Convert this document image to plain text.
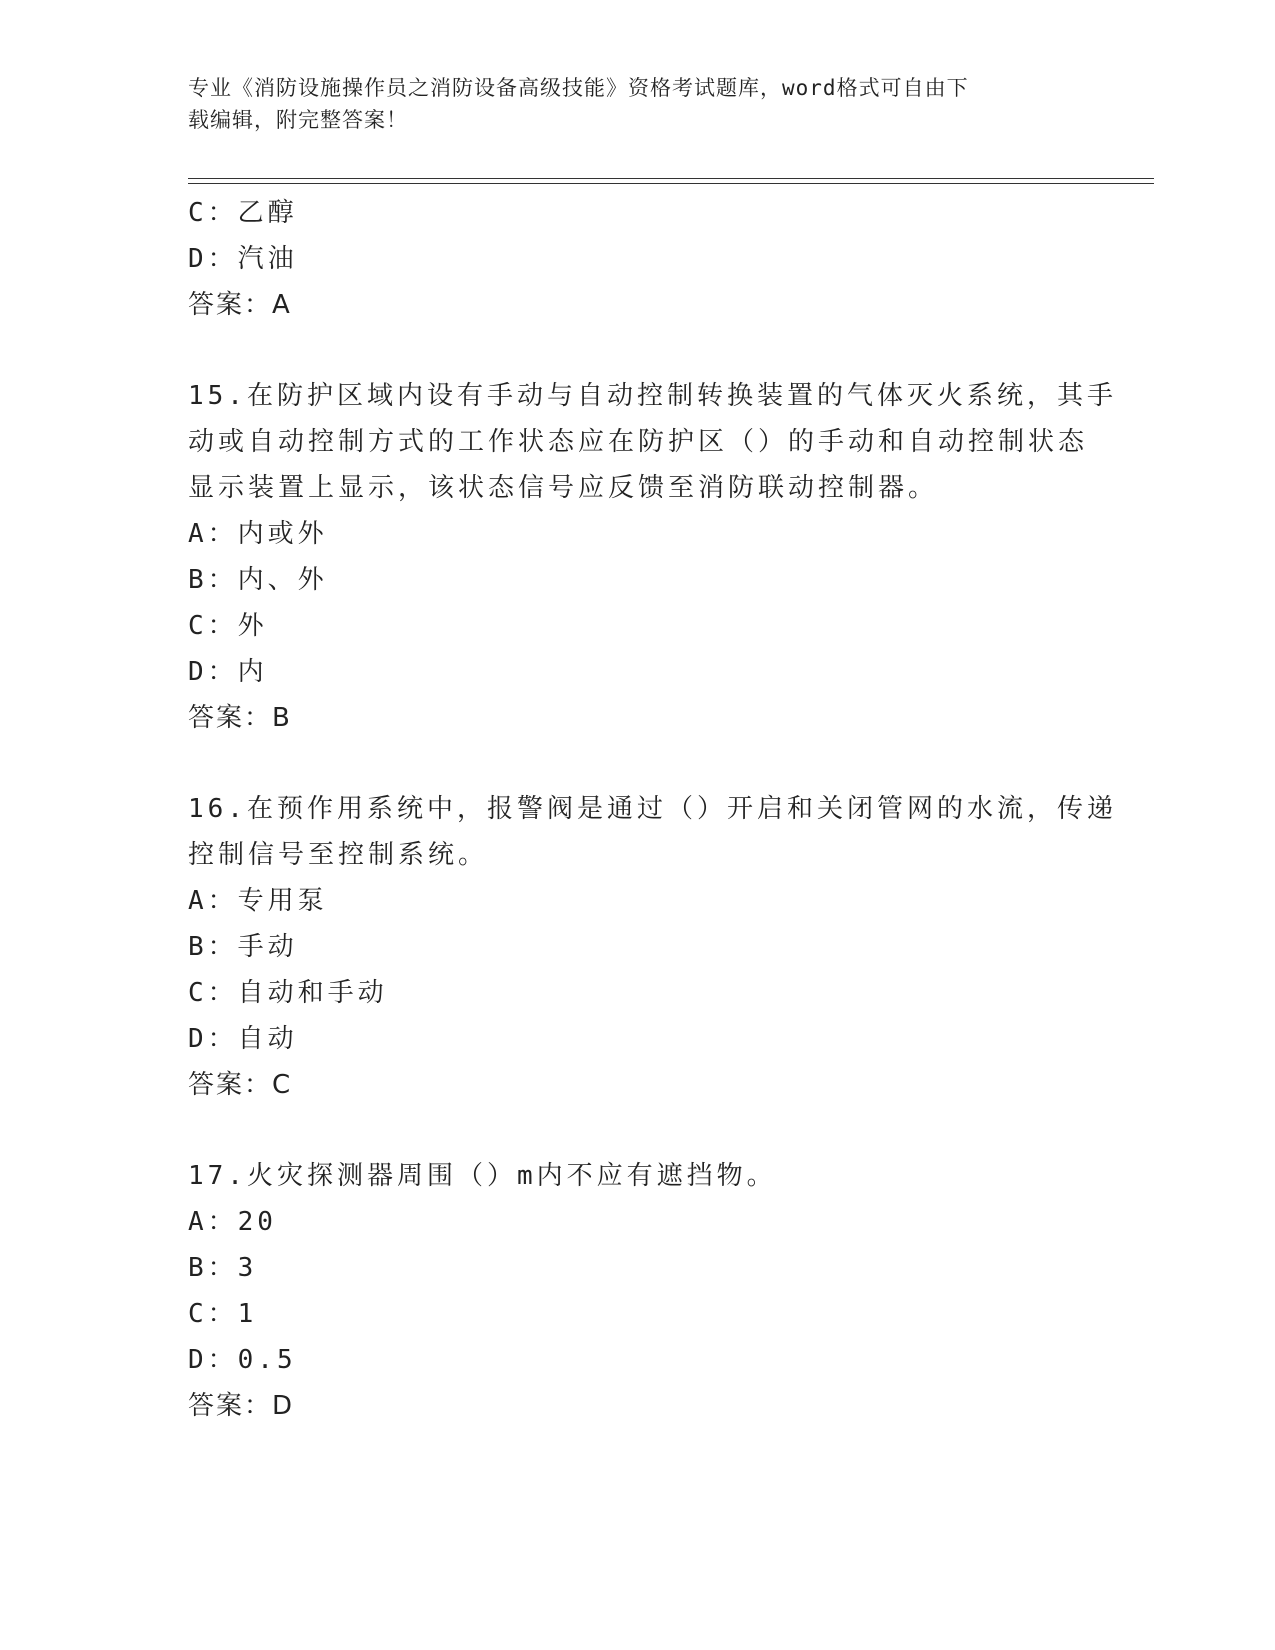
专业《消防设施操作员之消防设备高级技能》资格考试题库，word格式可自由下
载编辑，附完整答案！
C：乙醇
D：汽油
答案：A
15.在防护区域内设有手动与自动控制转换装置的气体灭火系统，其手
动或自动控制方式的工作状态应在防护区（）的手动和自动控制状态
显示装置上显示，该状态信号应反馈至消防联动控制器。
A：内或外
B：内、外
C：外
D：内
答案：B
16.在预作用系统中，报警阀是通过（）开启和关闭管网的水流，传递
控制信号至控制系统。
A：专用泵
B：手动
C：自动和手动
D：自动
答案：C
17.火灾探测器周围（）m内不应有遮挡物。
A：20
B：3
C：1
D：0.5
答案：D
